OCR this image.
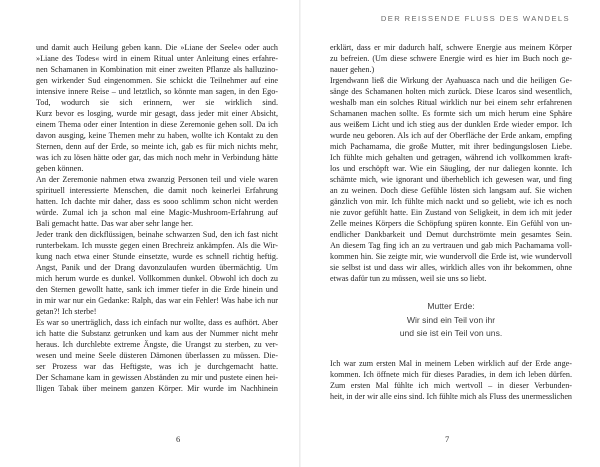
DER REISSENDE FLUSS DES WANDELS
und damit auch Heilung geben kann. Die »Liane der Seele« oder auch
»Liane des Todes« wird in einem Ritual unter Anleitung eines erfahre-
nen Schamanen in Kombination mit einer zweiten Pflanze als halluzino-
gen wirkender Sud eingenommen. Sie schickt die Teilnehmer auf eine
intensive innere Reise – und letztlich, so könnte man sagen, in den Ego-
Tod, wodurch sie sich erinnern, wer sie wirklich sind.
Kurz bevor es losging, wurde mir gesagt, dass jeder mit einer Absicht,
einem Thema oder einer Intention in diese Zeremonie gehen soll. Da ich
davon ausging, keine Themen mehr zu haben, wollte ich Kontakt zu den
Sternen, denn auf der Erde, so meinte ich, gab es für mich nichts mehr,
was ich zu lösen hätte oder gar, das mich noch mehr in Verbindung hätte
geben können.
An der Zeremonie nahmen etwa zwanzig Personen teil und viele waren
spirituell interessierte Menschen, die damit noch keinerlei Erfahrung
hatten. Ich dachte mir daher, dass es sooo schlimm schon nicht werden
würde. Zumal ich ja schon mal eine Magic-Mushroom-Erfahrung auf
Bali gemacht hatte. Das war aber sehr lange her.
Jeder trank den dickflüssigen, beinahe schwarzen Sud, den ich fast nicht
runterbekam. Ich musste gegen einen Brechreiz ankämpfen. Als die Wir-
kung nach etwa einer Stunde einsetzte, wurde es schnell richtig heftig.
Angst, Panik und der Drang davonzulaufen wurden übermächtig. Um
mich herum wurde es dunkel. Vollkommen dunkel. Obwohl ich doch zu
den Sternen gewollt hatte, sank ich immer tiefer in die Erde hinein und
in mir war nur ein Gedanke: Ralph, das war ein Fehler! Was habe ich nur
getan?! Ich sterbe!
Es war so unerträglich, dass ich einfach nur wollte, dass es aufhört. Aber
ich hatte die Substanz getrunken und kam aus der Nummer nicht mehr
heraus. Ich durchlebte extreme Ängste, die Urangst zu sterben, zu ver-
wesen und meine Seele düsteren Dämonen überlassen zu müssen. Die-
ser Prozess war das Heftigste, was ich je durchgemacht hatte.
Der Schamane kam in gewissen Abständen zu mir und pustete einen hei-
lligen Tabak über meinem ganzen Körper. Mir wurde im Nachhinein
erklärt, dass er mir dadurch half, schwere Energie aus meinem Körper
zu befreien. (Um diese schwere Energie wird es hier im Buch noch ge-
nauer gehen.)
Irgendwann ließ die Wirkung der Ayahuasca nach und die heiligen Ge-
sänge des Schamanen holten mich zurück. Diese Icaros sind wesentlich,
weshalb man ein solches Ritual wirklich nur bei einem sehr erfahrenen
Schamanen machen sollte. Es formte sich um mich herum eine Sphäre
aus weißem Licht und ich stieg aus der dunklen Erde wieder empor. Ich
wurde neu geboren. Als ich auf der Oberfläche der Erde ankam, empfing
mich Pachamama, die große Mutter, mit ihrer bedingungslosen Liebe.
Ich fühlte mich gehalten und getragen, während ich vollkommen kraft-
los und erschöpft war. Wie ein Säugling, der nur daliegen konnte. Ich
schämte mich, wie ignorant und überheblich ich gewesen war, und fing
an zu weinen. Doch diese Gefühle lösten sich langsam auf. Sie wichen
gänzlich von mir. Ich fühlte mich nackt und so geliebt, wie ich es noch
nie zuvor gefühlt hatte. Ein Zustand von Seligkeit, in dem ich mit jeder
Zelle meines Körpers die Schöpfung spüren konnte. Ein Gefühl von un-
endlicher Dankbarkeit und Demut durchströmte mein gesamtes Sein.
An diesem Tag fing ich an zu vertrauen und gab mich Pachamama voll-
kommen hin. Sie zeigte mir, wie wundervoll die Erde ist, wie wundervoll
sie selbst ist und dass wir alles, wirklich alles von ihr bekommen, ohne
etwas dafür tun zu müssen, weil sie uns so liebt.
Mutter Erde:
Wir sind ein Teil von ihr
und sie ist ein Teil von uns.
Ich war zum ersten Mal in meinem Leben wirklich auf der Erde ange-
kommen. Ich öffnete mich für dieses Paradies, in dem ich leben dürfen.
Zum ersten Mal fühlte ich mich wertvoll – in dieser Verbunden-
heit, in der wir alle eins sind. Ich fühlte mich als Fluss des unermesslichen
6	7
